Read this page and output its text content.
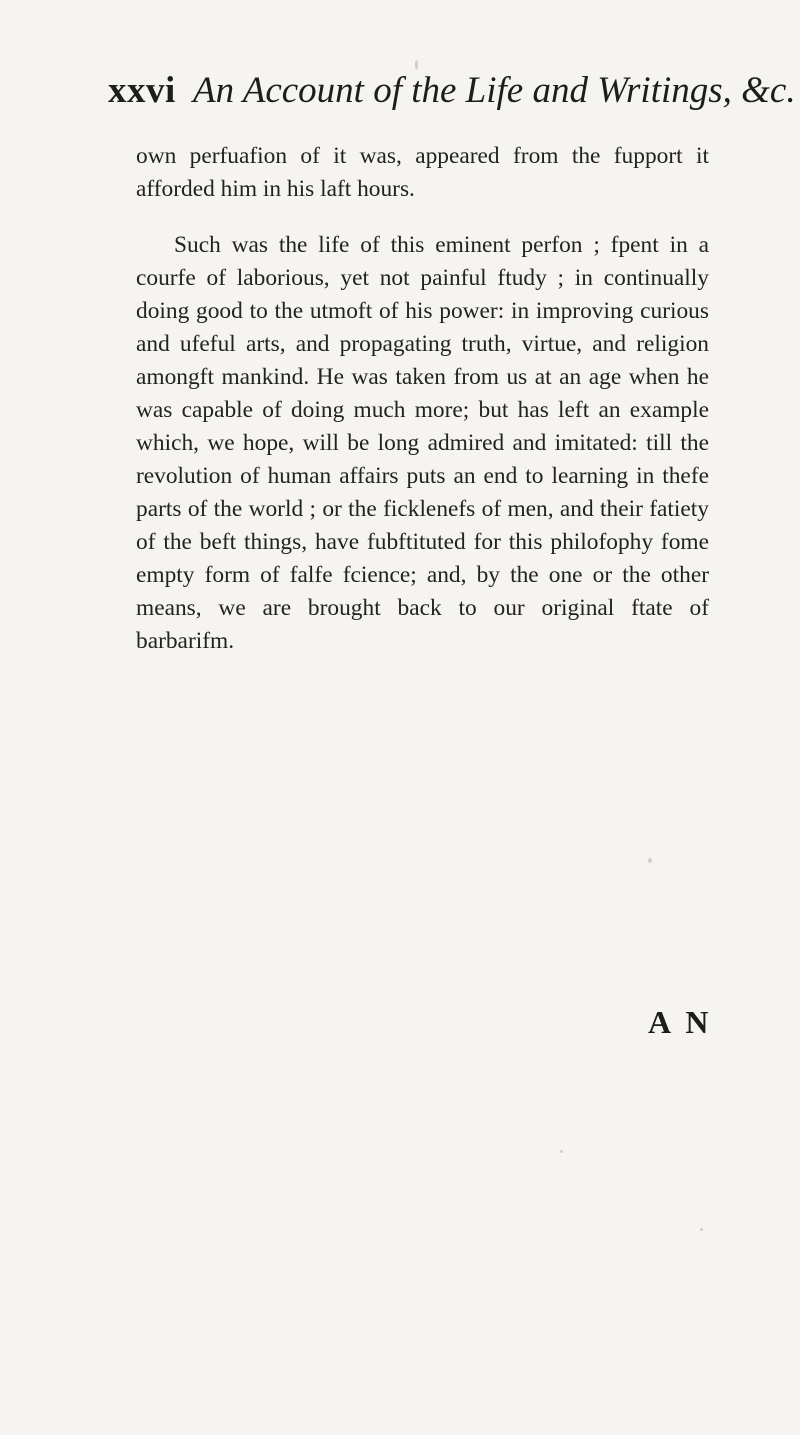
xxvi An Account of the Life and Writings, &c.

own perfuafion of it was, appeared from the fupport it afforded him in his laft hours.

Such was the life of this eminent perfon ; fpent in a courfe of laborious, yet not painful ftudy ; in continually doing good to the utmoft of his power: in improving curious and ufeful arts, and propagating truth, virtue, and religion amongft mankind. He was taken from us at an age when he was capable of doing much more; but has left an example which, we hope, will be long admired and imitated: till the revolution of human affairs puts an end to learning in thefe parts of the world ; or the ficklenefs of men, and their fatiety of the beft things, have fubftituted for this philofophy fome empty form of falfe fcience; and, by the one or the other means, we are brought back to our original ftate of barbarifm.

A N
